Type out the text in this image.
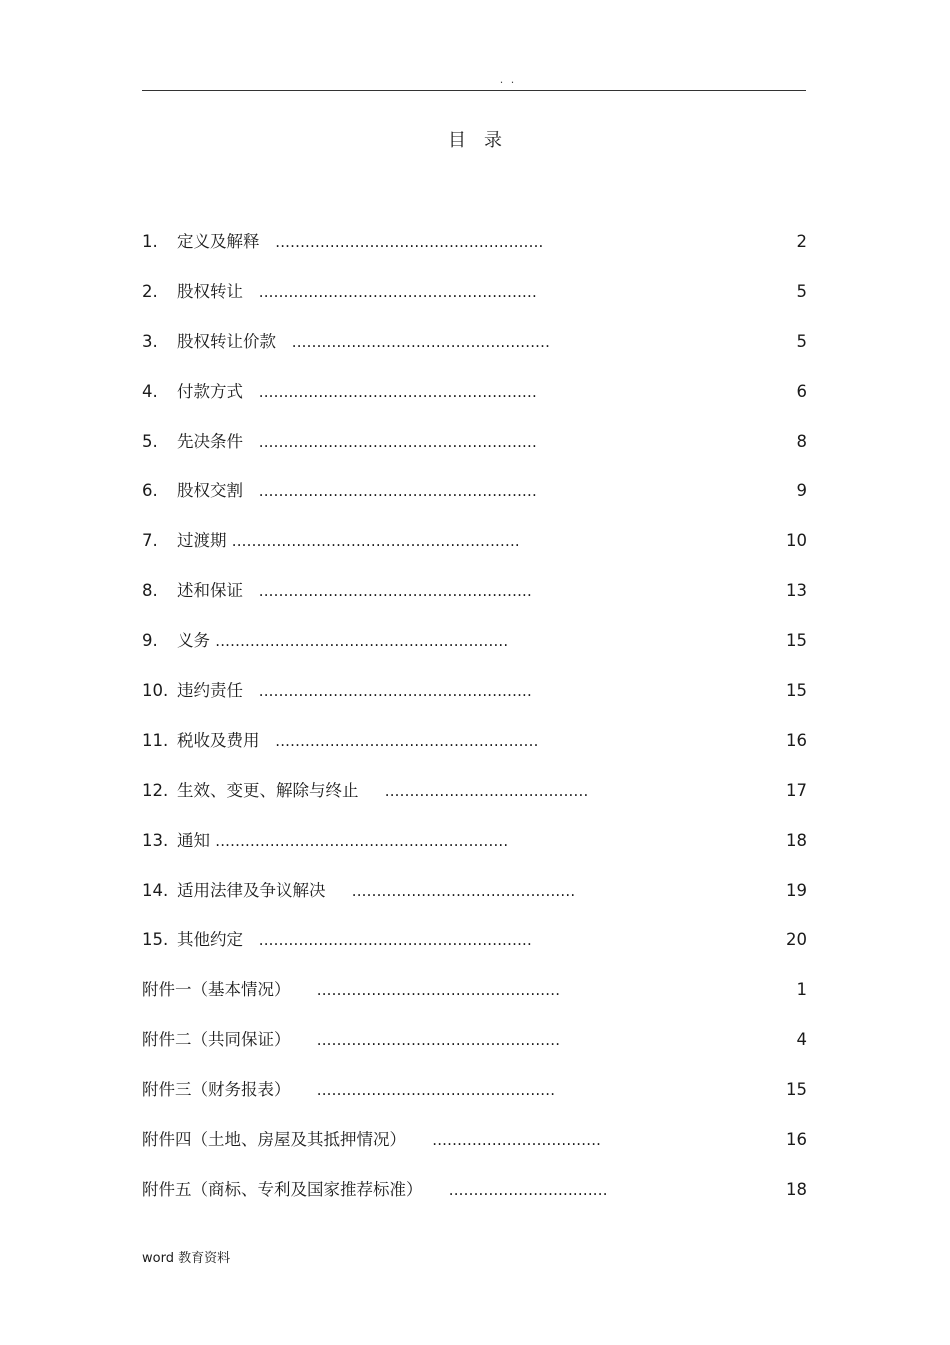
. .
目录
1. 定义及解释 ......................................................	2
2. 股权转让 ........................................................	5
3. 股权转让价款 ....................................................	5
4. 付款方式 ........................................................	6
5. 先决条件 ........................................................	8
6. 股权交割 ........................................................	9
7. 过渡期 ..........................................................	10
8. 述和保证 .......................................................	13
9. 义务 ...........................................................	15
10. 违约责任 .......................................................	15
11. 税收及费用 .....................................................	16
12. 生效、变更、解除与终止 .........................................	17
13. 通知 ...........................................................	18
14. 适用法律及争议解决 .............................................	19
15. 其他约定 .......................................................	20
附件一（基本情况） .................................................	1
附件二（共同保证） .................................................	4
附件三（财务报表） ................................................	15
附件四（土地、房屋及其抵押情况） ..................................	16
附件五（商标、专利及国家推荐标准） ................................	18
word 教育资料
